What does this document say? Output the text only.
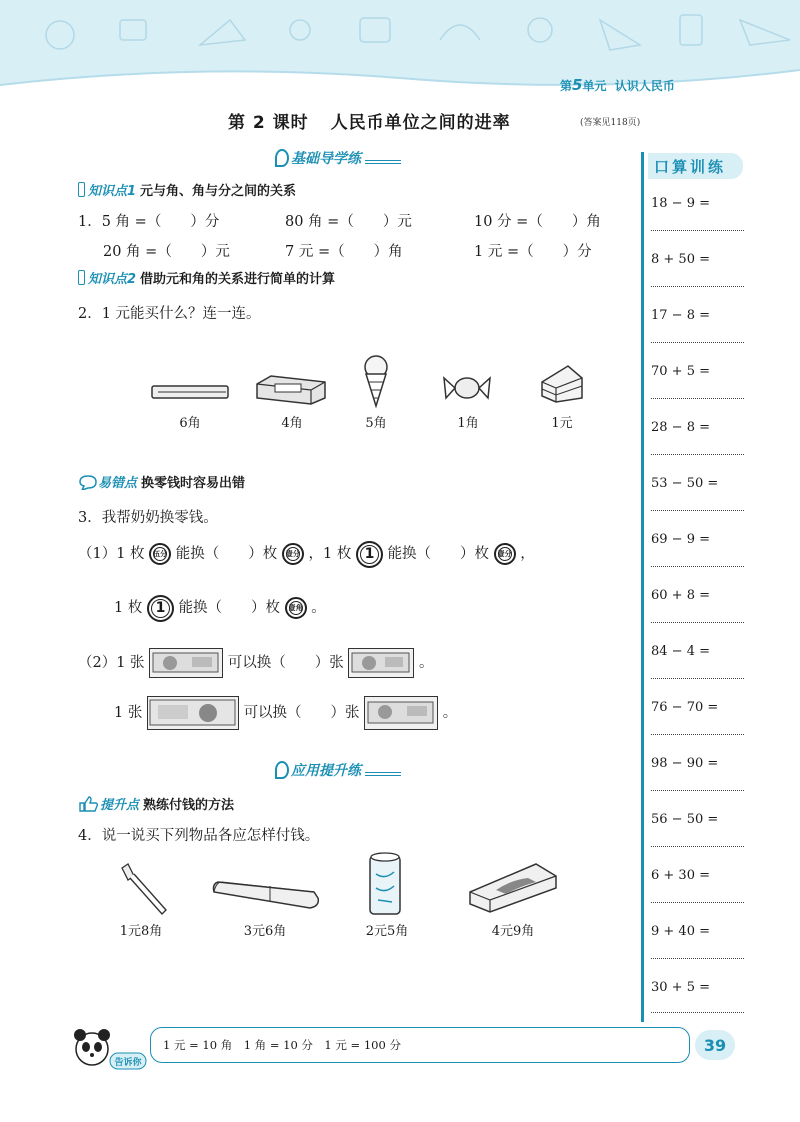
第5单元 认识人民币
第 2 课时 人民币单位之间的进率	(答案见118页)
基础导学练
知识点1 元与角、角与分之间的关系
1．5 角 =（　　）分	80 角 =（　　）元	10 分 =（　　）角
20 角 =（　　）元	7 元 =（　　）角	1 元 =（　　）分
知识点2 借助元和角的关系进行简单的计算
2．1 元能买什么？连一连。
6角	4角	5角	1角	1元
易错点 换零钱时容易出错
3．我帮奶奶换零钱。
（1）1 枚 伍分 能换（　　）枚 壹分 ，1 枚 1 能换（　　）枚 壹分 ，
1 枚 1 能换（　　）枚 壹角 。
（2）1 张	可以换（　　）张	。
1 张	可以换（　　）张	。
应用提升练
提升点 熟练付钱的方法
4．说一说买下列物品各应怎样付钱。
1元8角	3元6角	2元5角	4元9角
口算训练
18 − 9 =
8 + 50 =
17 − 8 =
70 + 5 =
28 − 8 =
53 − 50 =
69 − 9 =
60 + 8 =
84 − 4 =
76 − 70 =
98 − 90 =
56 − 50 =
6 + 30 =
9 + 40 =
30 + 5 =
告诉你
1 元 = 10 角　1 角 = 10 分　1 元 = 100 分	39
